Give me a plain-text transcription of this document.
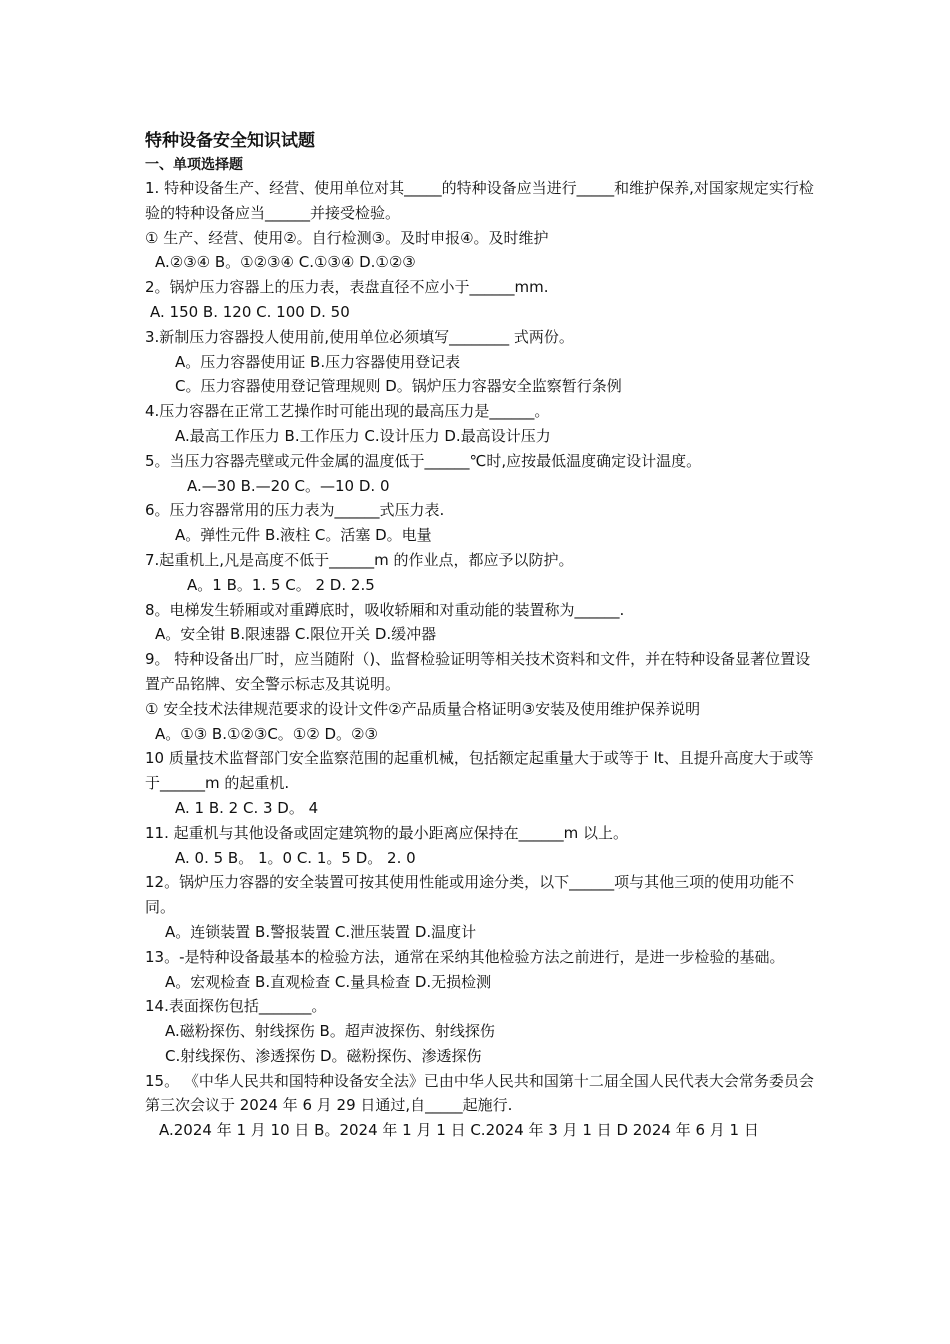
特种设备安全知识试题
一、单项选择题
1. 特种设备生产、经营、使用单位对其_____的特种设备应当进行_____和维护保养,对国家规定实行检验的特种设备应当______并接受检验。
① 生产、经营、使用②。自行检测③。及时申报④。及时维护
A.②③④ B。①②③④ C.①③④ D.①②③
2。锅炉压力容器上的压力表，表盘直径不应小于______mm.
A. 150 B. 120 C. 100 D. 50
3.新制压力容器投人使用前,使用单位必须填写________ 式两份。
A。压力容器使用证 B.压力容器使用登记表
C。压力容器使用登记管理规则 D。锅炉压力容器安全监察暂行条例
4.压力容器在正常工艺操作时可能出现的最高压力是______。
A.最高工作压力 B.工作压力 C.设计压力 D.最高设计压力
5。当压力容器壳壁或元件金属的温度低于______℃时,应按最低温度确定设计温度。
A.—30 B.—20 C。—10 D. 0
6。压力容器常用的压力表为______式压力表.
A。弹性元件 B.液柱 C。活塞 D。电量
7.起重机上,凡是高度不低于______m 的作业点，都应予以防护。
A。1 B。1. 5 C。 2 D. 2.5
8。电梯发生轿厢或对重蹲底时，吸收轿厢和对重动能的装置称为______.
A。安全钳 B.限速器 C.限位开关 D.缓冲器
9。 特种设备出厂时，应当随附（)、监督检验证明等相关技术资料和文件，并在特种设备显著位置设置产品铭牌、安全警示标志及其说明。
① 安全技术法律规范要求的设计文件②产品质量合格证明③安装及使用维护保养说明
A。①③ B.①②③C。①② D。②③
10 质量技术监督部门安全监察范围的起重机械，包括额定起重量大于或等于 lt、且提升高度大于或等于______m 的起重机.
A. 1 B. 2 C. 3 D。 4
11. 起重机与其他设备或固定建筑物的最小距离应保持在______m 以上。
A. 0. 5 B。 1。0 C. 1。5 D。 2. 0
12。锅炉压力容器的安全装置可按其使用性能或用途分类，以下______项与其他三项的使用功能不同。
A。连锁装置 B.警报装置 C.泄压装置 D.温度计
13。-是特种设备最基本的检验方法，通常在采纳其他检验方法之前进行，是进一步检验的基础。
A。宏观检查 B.直观检查 C.量具检查 D.无损检测
14.表面探伤包括_______。
A.磁粉探伤、射线探伤 B。超声波探伤、射线探伤
C.射线探伤、渗透探伤 D。磁粉探伤、渗透探伤
15。 《中华人民共和国特种设备安全法》已由中华人民共和国第十二届全国人民代表大会常务委员会第三次会议于 2024 年 6 月 29 日通过,自_____起施行.
A.2024 年 1 月 10 日 B。2024 年 1 月 1 日 C.2024 年 3 月 1 日 D 2024 年 6 月 1 日
